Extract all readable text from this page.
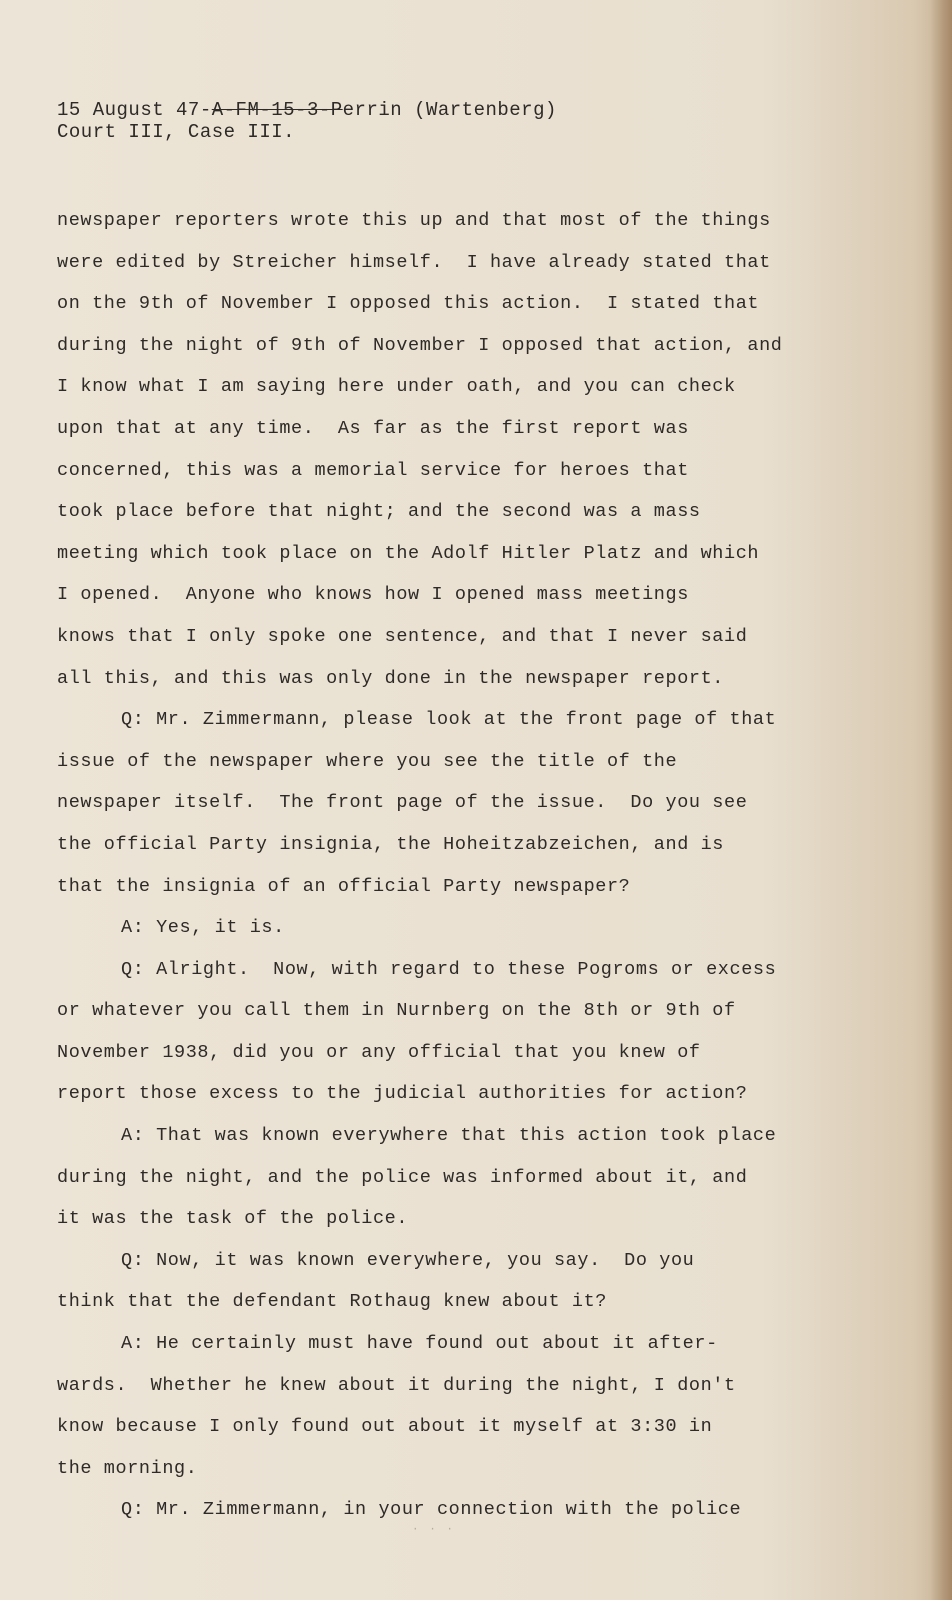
15 August 47-A-FM-15-3-Perrin (Wartenberg)
Court III, Case III.
newspaper reporters wrote this up and that most of the things
were edited by Streicher himself.  I have already stated that
on the 9th of November I opposed this action.  I stated that
during the night of 9th of November I opposed that action, and
I know what I am saying here under oath, and you can check
upon that at any time.  As far as the first report was
concerned, this was a memorial service for heroes that
took place before that night; and the second was a mass
meeting which took place on the Adolf Hitler Platz and which
I opened.  Anyone who knows how I opened mass meetings
knows that I only spoke one sentence, and that I never said
all this, and this was only done in the newspaper report.
Q: Mr. Zimmermann, please look at the front page of that
issue of the newspaper where you see the title of the
newspaper itself.  The front page of the issue.  Do you see
the official Party insignia, the Hoheitzabzeichen, and is
that the insignia of an official Party newspaper?
A: Yes, it is.
Q: Alright.  Now, with regard to these Pogroms or excess
or whatever you call them in Nurnberg on the 8th or 9th of
November 1938, did you or any official that you knew of
report those excess to the judicial authorities for action?
A: That was known everywhere that this action took place
during the night, and the police was informed about it, and
it was the task of the police.
Q: Now, it was known everywhere, you say.  Do you
think that the defendant Rothaug knew about it?
A: He certainly must have found out about it after-
wards.  Whether he knew about it during the night, I don't
know because I only found out about it myself at 3:30 in
the morning.
Q: Mr. Zimmermann, in your connection with the police
· · ·
